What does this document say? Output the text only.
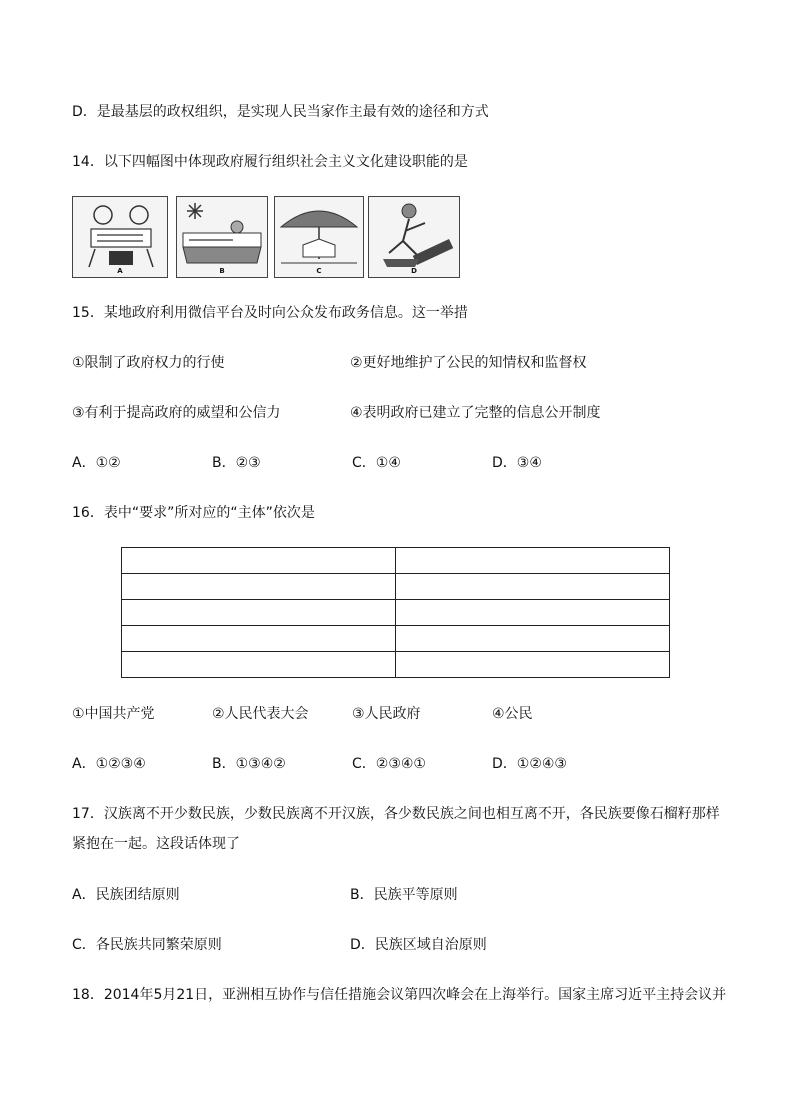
D．是最基层的政权组织，是实现人民当家作主最有效的途径和方式
14．以下四幅图中体现政府履行组织社会主义文化建设职能的是
A	B	C	D
15．某地政府利用微信平台及时向公众发布政务信息。这一举措
①限制了政府权力的行使	②更好地维护了公民的知情权和监督权
③有利于提高政府的威望和公信力	④表明政府已建立了完整的信息公开制度
A．①②	B．②③	C．①④	D．③④
16．表中“要求”所对应的“主体”依次是

①中国共产党	②人民代表大会	③人民政府	④公民
A．①②③④	B．①③④②	C．②③④①	D．①②④③
17．汉族离不开少数民族，少数民族离不开汉族，各少数民族之间也相互离不开，各民族要像石榴籽那样
紧抱在一起。这段话体现了
A．民族团结原则	B．民族平等原则
C．各民族共同繁荣原则	D．民族区域自治原则
18．2014年5月21日，亚洲相互协作与信任措施会议第四次峰会在上海举行。国家主席习近平主持会议并
